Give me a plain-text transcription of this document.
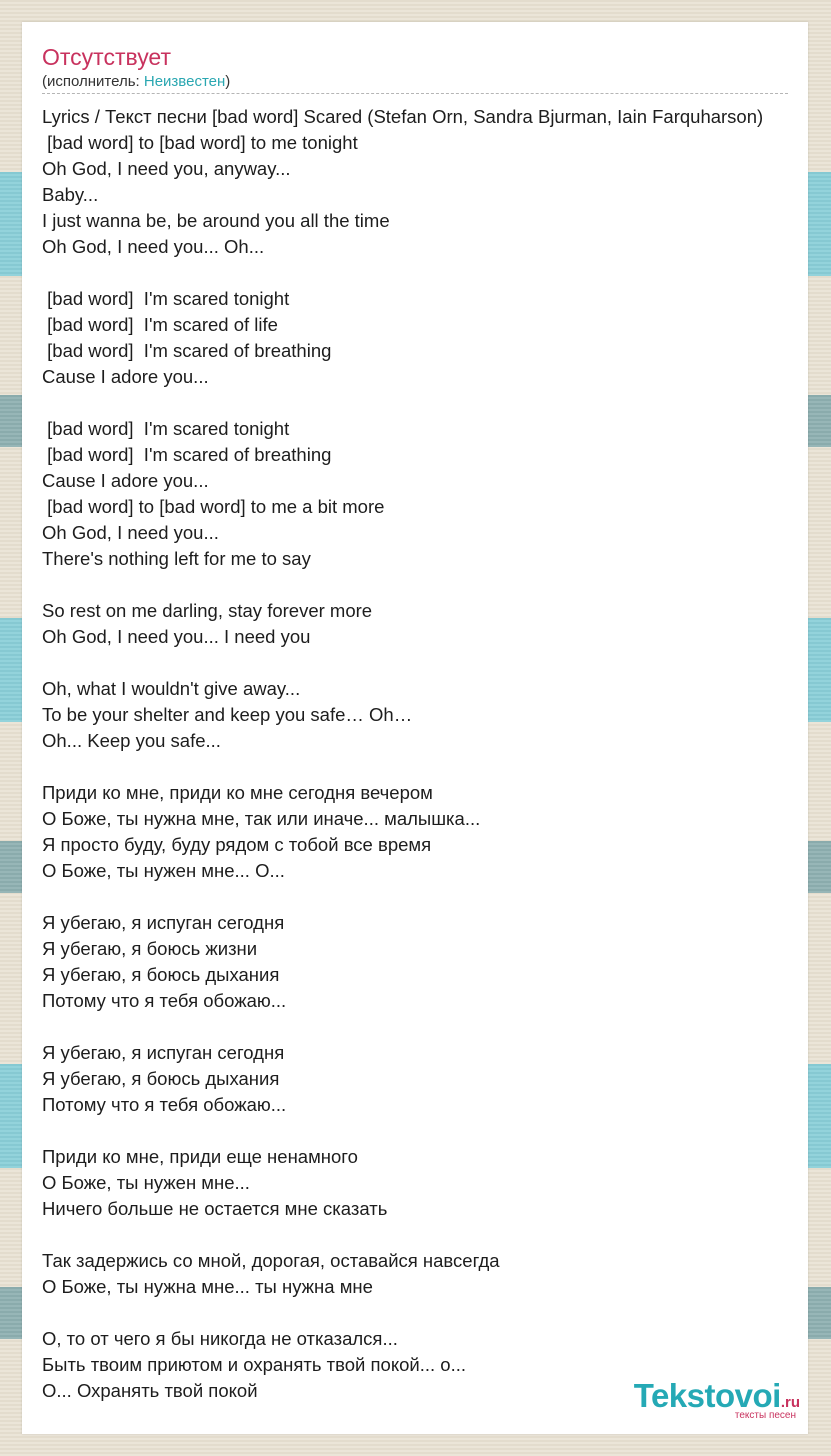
Отсутствует
(исполнитель: Неизвестен)
Lyrics / Текст песни [bad word] Scared (Stefan Orn, Sandra Bjurman, Iain Farquharson)
[bad word] to [bad word] to me tonight
Oh God, I need you, anyway...
Baby...
I just wanna be, be around you all the time
Oh God, I need you... Oh...
[bad word]  I'm scared tonight
[bad word]  I'm scared of life
[bad word]  I'm scared of breathing
Cause I adore you...
[bad word]  I'm scared tonight
[bad word]  I'm scared of breathing
Cause I adore you...
[bad word] to [bad word] to me a bit more
Oh God, I need you...
There's nothing left for me to say
So rest on me darling, stay forever more
Oh God, I need you... I need you
Oh, what I wouldn't give away...
To be your shelter and keep you safe… Oh…
Oh... Keep you safe...
Приди ко мне, приди ко мне сегодня вечером
О Боже, ты нужна мне, так или иначе... малышка...
Я просто буду, буду рядом с тобой все время
О Боже, ты нужен мне... О...
Я убегаю, я испуган сегодня
Я убегаю, я боюсь жизни
Я убегаю, я боюсь дыхания
Потому что я тебя обожаю...
Я убегаю, я испуган сегодня
Я убегаю, я боюсь дыхания
Потому что я тебя обожаю...
Приди ко мне, приди еще ненамного
О Боже, ты нужен мне...
Ничего больше не остается мне сказать
Так задержись со мной, дорогая, оставайся навсегда
О Боже, ты нужна мне... ты нужна мне
О, то от чего я бы никогда не отказался...
Быть твоим приютом и охранять твой покой... о...
О... Охранять твой покой	Tekstovoi.ru
тексты песен
